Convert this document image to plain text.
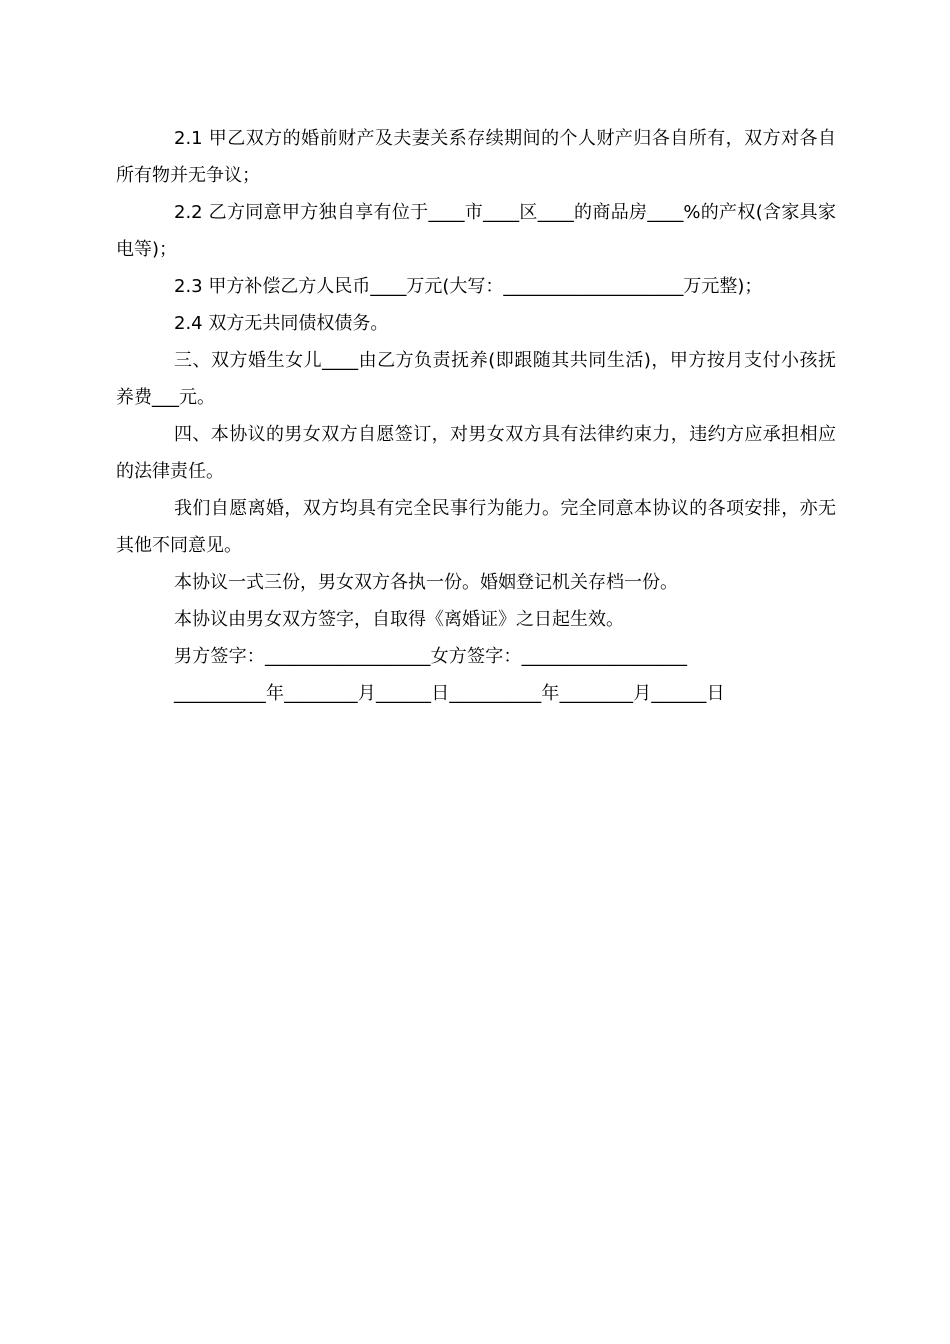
2.1 甲乙双方的婚前财产及夫妻关系存续期间的个人财产归各自所有，双方对各自所有物并无争议；

2.2 乙方同意甲方独自享有位于____市____区____的商品房____%的产权(含家具家电等)；

2.3 甲方补偿乙方人民币____万元(大写：____________________万元整)；

2.4 双方无共同债权债务。

三、双方婚生女儿____由乙方负责抚养(即跟随其共同生活)，甲方按月支付小孩抚养费___元。

四、本协议的男女双方自愿签订，对男女双方具有法律约束力，违约方应承担相应的法律责任。

我们自愿离婚，双方均具有完全民事行为能力。完全同意本协议的各项安排，亦无其他不同意见。

本协议一式三份，男女双方各执一份。婚姻登记机关存档一份。

本协议由男女双方签字，自取得《离婚证》之日起生效。

男方签字：__________________女方签字：__________________

__________年________月______日__________年________月______日
